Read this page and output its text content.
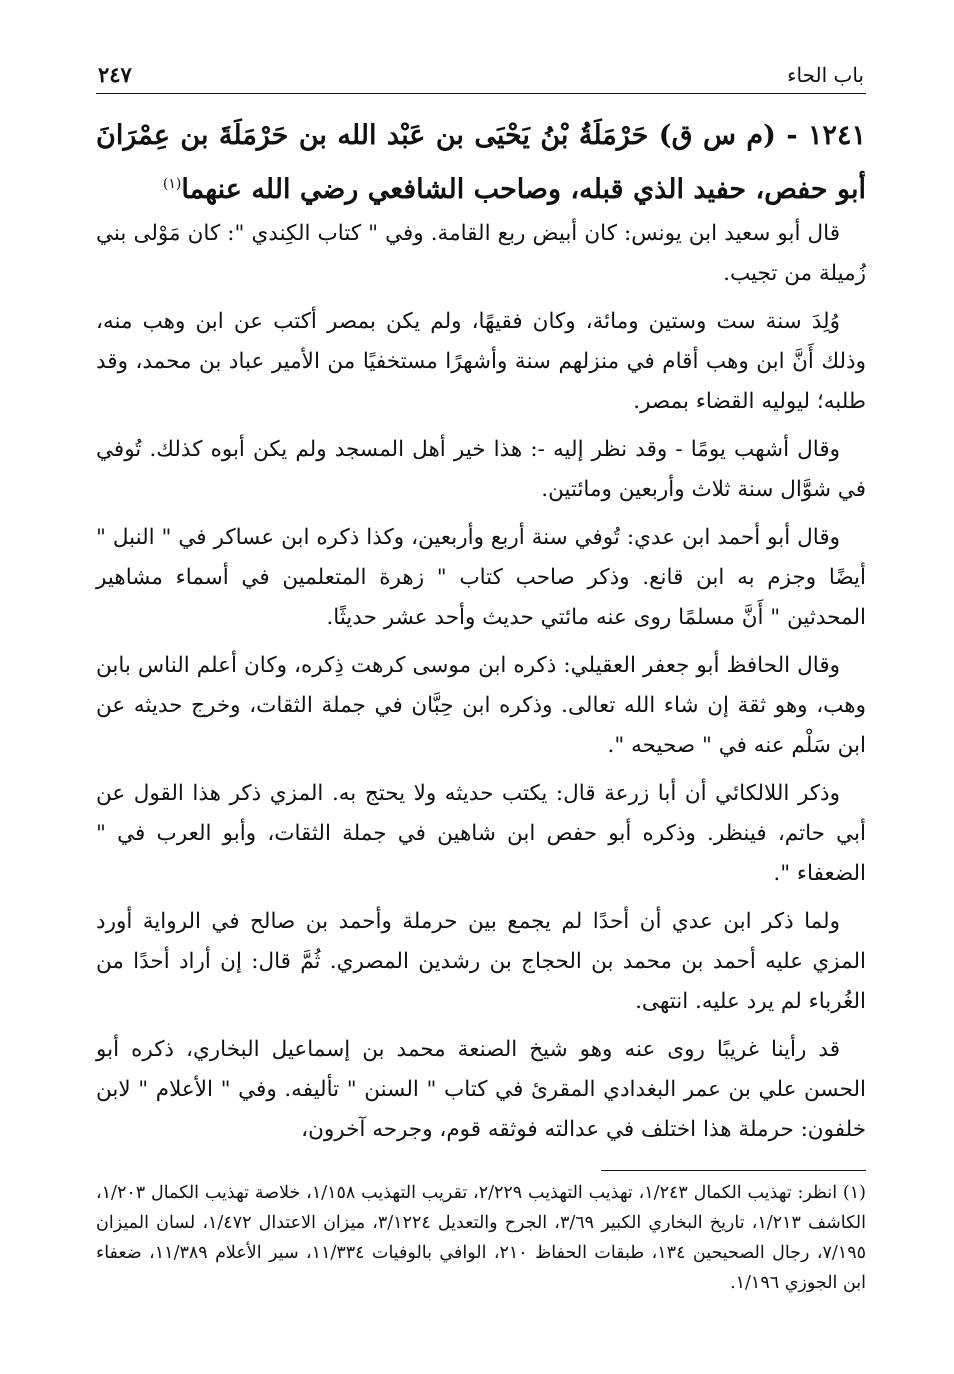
باب الحاء
٢٤٧
١٢٤١ - (م س ق) حَرْمَلَةُ بْنُ يَحْيَى بن عَبْد الله بن حَرْمَلَةَ بن عِمْرَانَ أبو حفص، حفيد الذي قبله، وصاحب الشافعي رضي الله عنهما$^{(١)}$

قال أبو سعيد ابن يونس: كان أبيض ربع القامة. وفي " كتاب الكِندي ": كان مَوْلى بني زُميلة من تجيب.

وُلِدَ سنة ست وستين ومائة، وكان فقيهًا، ولم يكن بمصر أكتب عن ابن وهب منه، وذلك أَنَّ ابن وهب أقام في منزلهم سنة وأشهرًا مستخفيًا من الأمير عباد بن محمد، وقد طلبه؛ ليوليه القضاء بمصر.

وقال أشهب يومًا - وقد نظر إليه -: هذا خير أهل المسجد ولم يكن أبوه كذلك. تُوفي في شوَّال سنة ثلاث وأربعين ومائتين.

وقال أبو أحمد ابن عدي: تُوفي سنة أربع وأربعين، وكذا ذكره ابن عساكر في " النبل " أيضًا وجزم به ابن قانع. وذكر صاحب كتاب " زهرة المتعلمين في أسماء مشاهير المحدثين " أَنَّ مسلمًا روى عنه مائتي حديث وأحد عشر حديثًا.

وقال الحافظ أبو جعفر العقيلي: ذكره ابن موسى كرهت ذِكره، وكان أعلم الناس بابن وهب، وهو ثقة إن شاء الله تعالى. وذكره ابن حِبَّان في جملة الثقات، وخرج حديثه عن ابن سَلْم عنه في " صحيحه ".

وذكر اللالكائي أن أبا زرعة قال: يكتب حديثه ولا يحتج به. المزي ذكر هذا القول عن أبي حاتم، فينظر. وذكره أبو حفص ابن شاهين في جملة الثقات، وأبو العرب في " الضعفاء ".

ولما ذكر ابن عدي أن أحدًا لم يجمع بين حرملة وأحمد بن صالح في الرواية أورد المزي عليه أحمد بن محمد بن الحجاج بن رشدين المصري. ثُمَّ قال: إن أراد أحدًا من الغُرباء لم يرد عليه. انتهى.

قد رأينا غريبًا روى عنه وهو شيخ الصنعة محمد بن إسماعيل البخاري، ذكره أبو الحسن علي بن عمر البغدادي المقرئ في كتاب " السنن " تأليفه. وفي " الأعلام " لابن خلفون: حرملة هذا اختلف في عدالته فوثقه قوم، وجرحه آخرون،

(١) انظر: تهذيب الكمال ١/٢٤٣، تهذيب التهذيب ٢/٢٢٩، تقريب التهذيب ١/١٥٨، خلاصة تهذيب الكمال ١/٢٠٣، الكاشف ١/٢١٣، تاريخ البخاري الكبير ٣/٦٩، الجرح والتعديل ٣/١٢٢٤، ميزان الاعتدال ١/٤٧٢، لسان الميزان ٧/١٩٥، رجال الصحيحين ١٣٤، طبقات الحفاظ ٢١٠، الوافي بالوفيات ١١/٣٣٤، سير الأعلام ١١/٣٨٩، ضعفاء ابن الجوزي ١/١٩٦.
